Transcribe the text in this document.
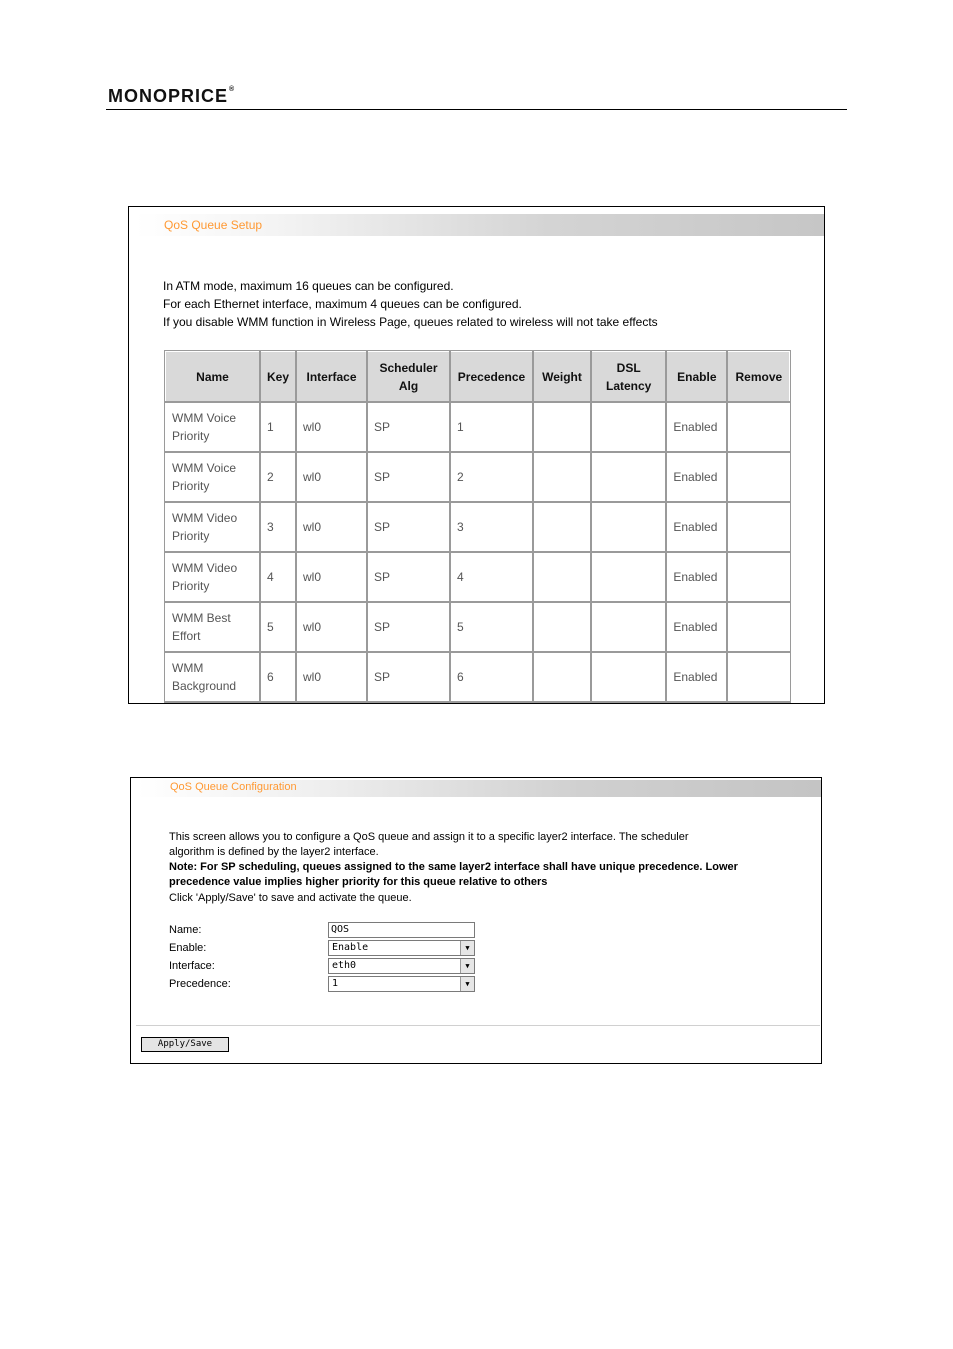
MONOPRICE®
QoS Queue Setup
In ATM mode, maximum 16 queues can be configured.
For each Ethernet interface, maximum 4 queues can be configured.
If you disable WMM function in Wireless Page, queues related to wireless will not take effects
Name	Key	Interface	Scheduler Alg	Precedence	Weight	DSL Latency	Enable	Remove
WMM Voice Priority	1	wl0	SP	1			Enabled	
WMM Voice Priority	2	wl0	SP	2			Enabled	
WMM Video Priority	3	wl0	SP	3			Enabled	
WMM Video Priority	4	wl0	SP	4			Enabled	
WMM Best Effort	5	wl0	SP	5			Enabled	
WMM Background	6	wl0	SP	6			Enabled	

QoS Queue Configuration
This screen allows you to configure a QoS queue and assign it to a specific layer2 interface. The scheduler
algorithm is defined by the layer2 interface.
Note: For SP scheduling, queues assigned to the same layer2 interface shall have unique precedence. Lower
precedence value implies higher priority for this queue relative to others
Click 'Apply/Save' to save and activate the queue.
Name:	QOS
Enable:	Enable	▼
Interface:	eth0	▼
Precedence:	1	▼
Apply/Save
